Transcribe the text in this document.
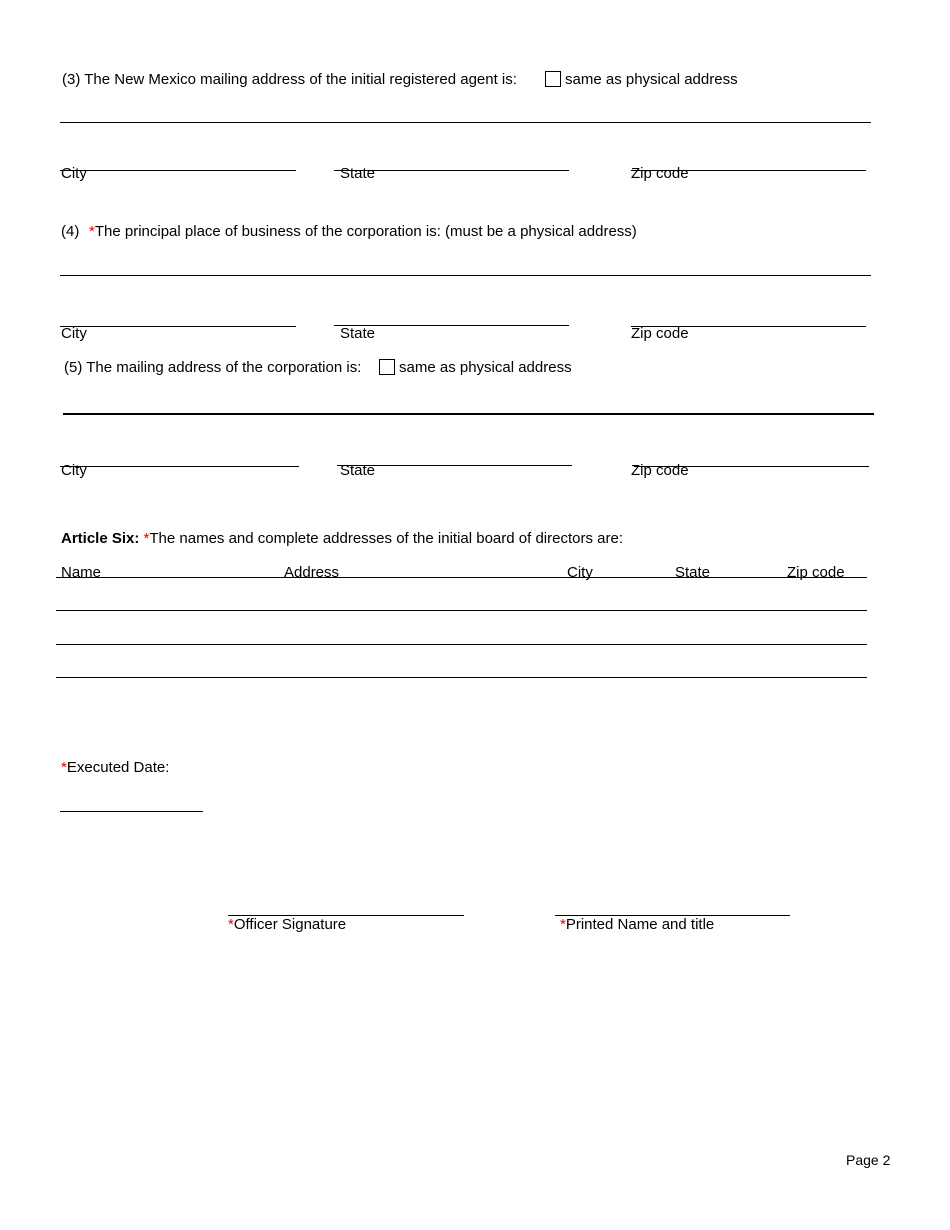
(3) The New Mexico mailing address of the initial registered agent is:	same as physical address
City	State	Zip code
(4) *The principal place of business of the corporation is: (must be a physical address)
City	State	Zip code
(5) The mailing address of the corporation is:	same as physical address
City	State	Zip code
Article Six: *The names and complete addresses of the initial board of directors are:
Name	Address	City	State	Zip code
*Executed Date:
*Officer Signature	*Printed Name and title
Page 2
